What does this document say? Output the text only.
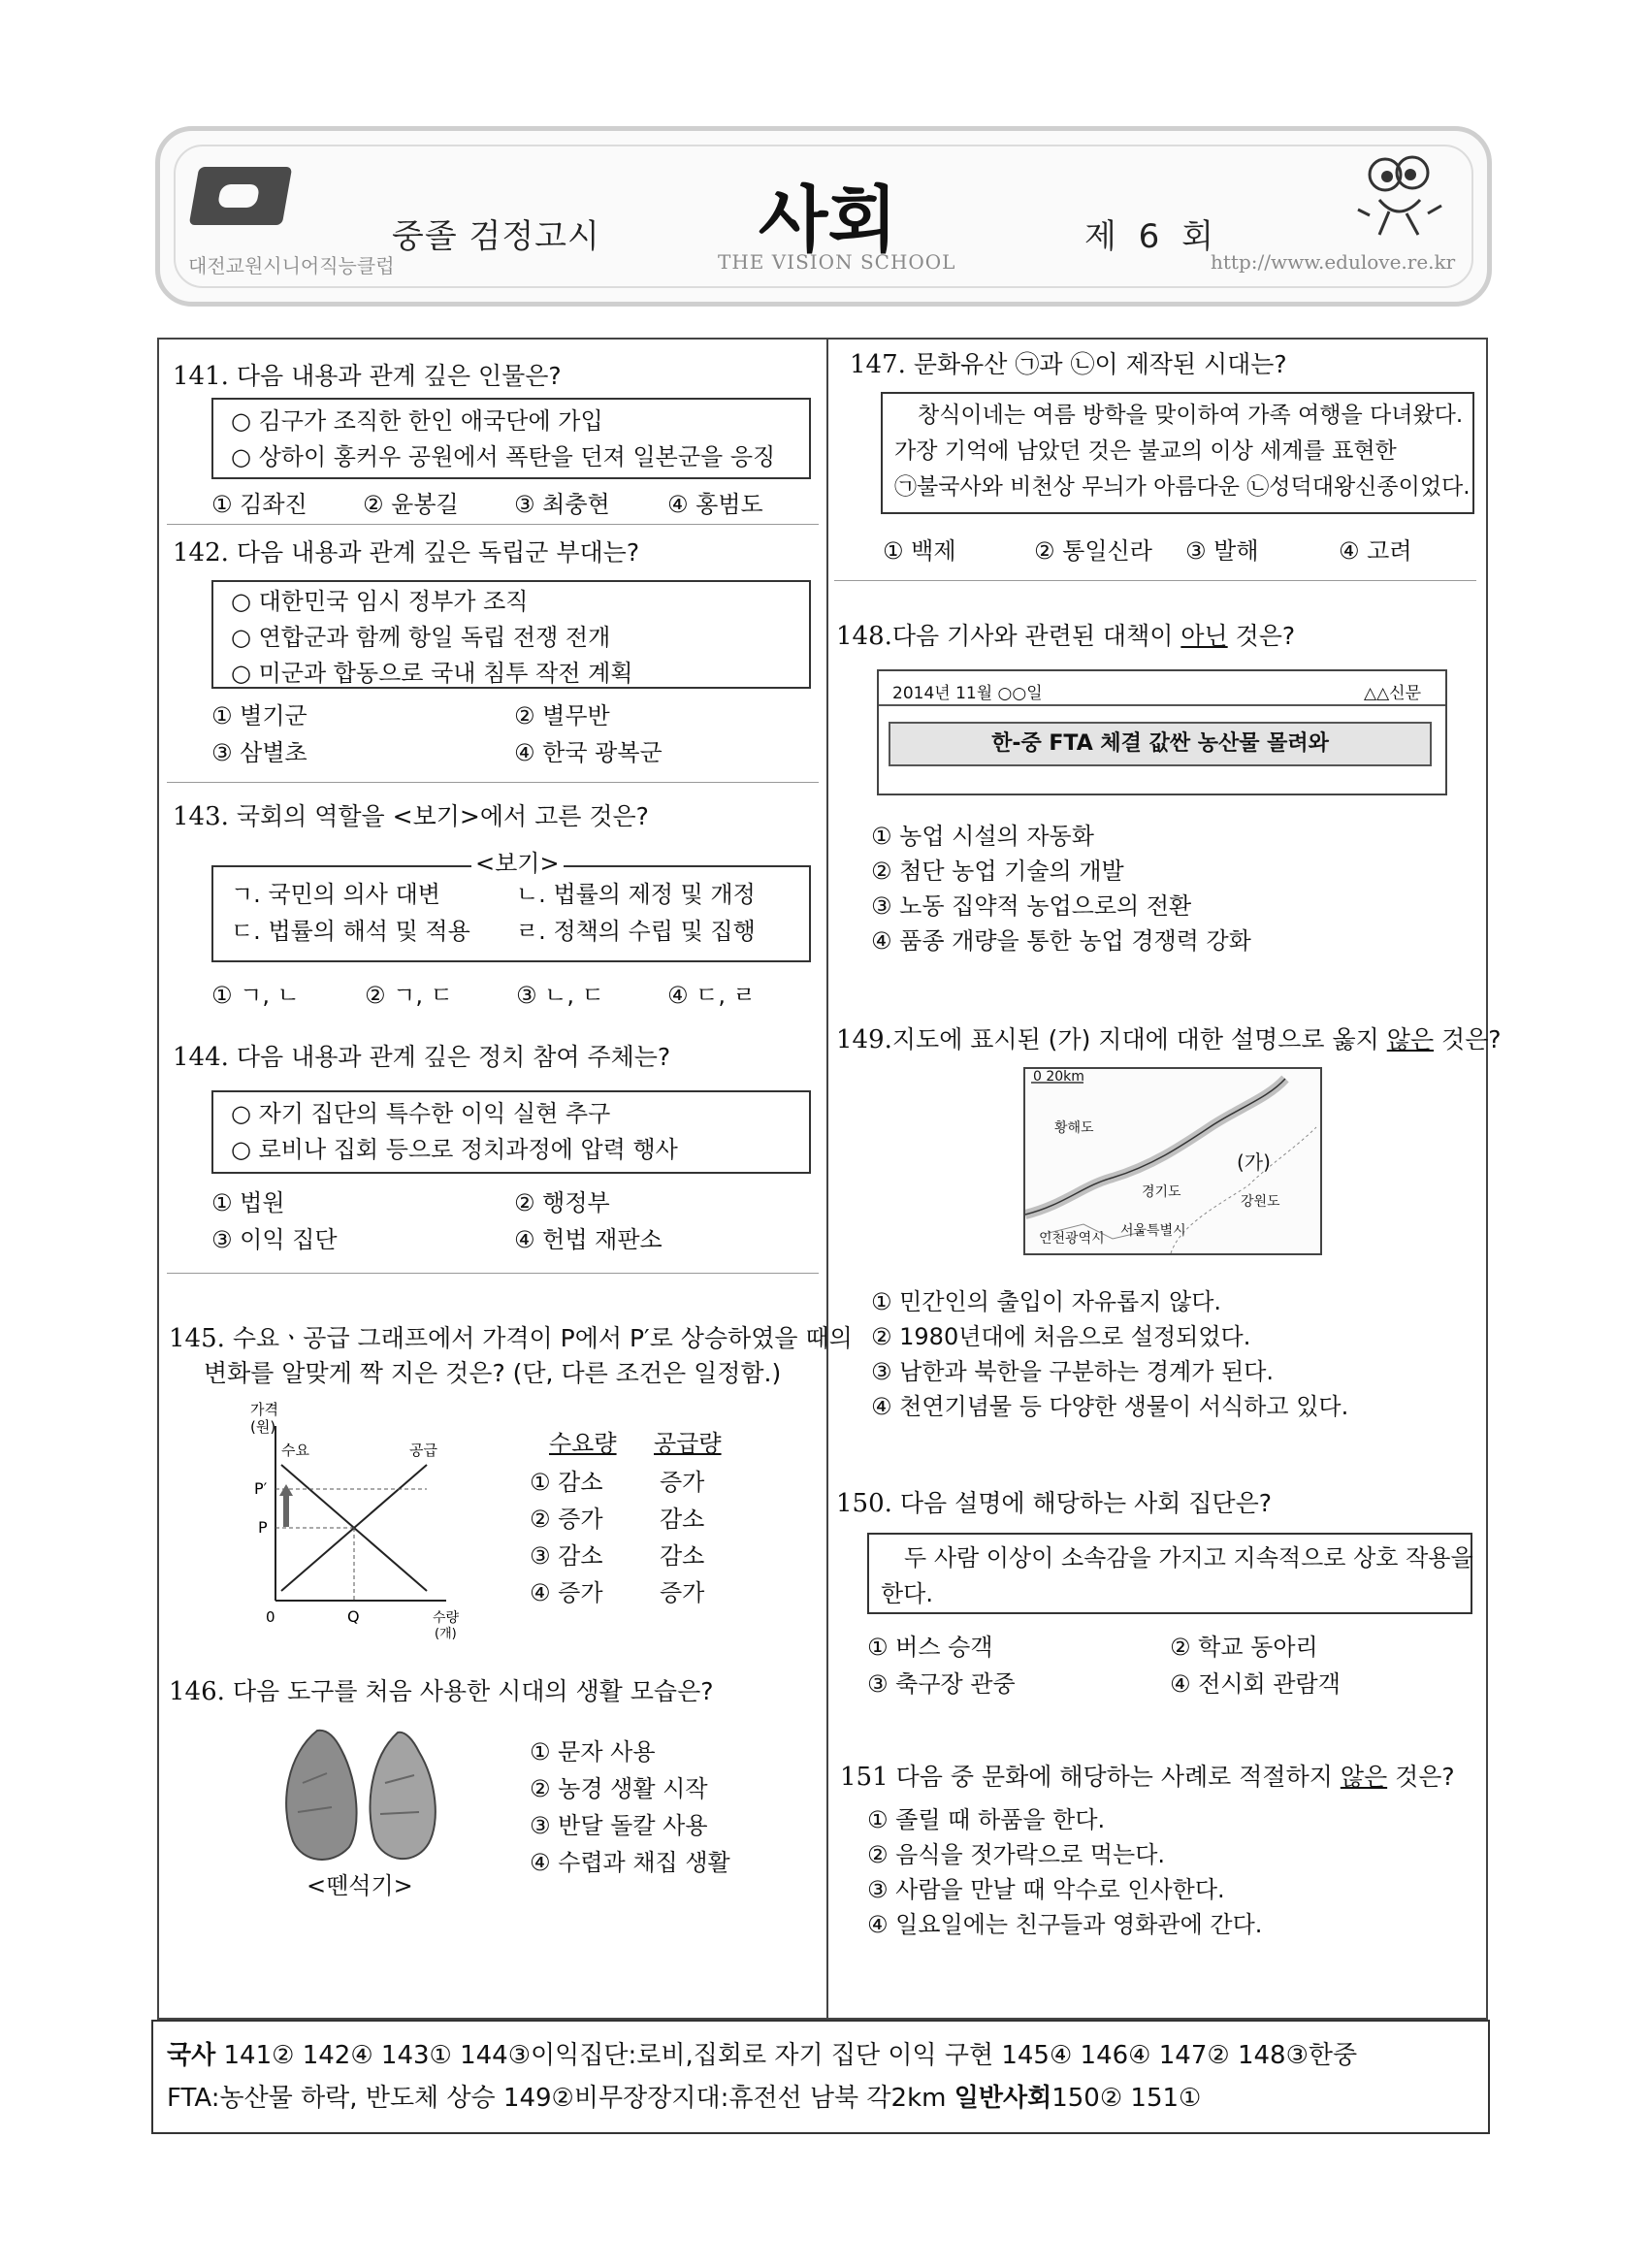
대전교원시니어직능클럽
중졸 검정고시 사회
THE VISION SCHOOL
제 6 회
http://www.edulove.re.kr
141. 다음 내용과 관계 깊은 인물은?
○ 김구가 조직한 한인 애국단에 가입
○ 상하이 홍커우 공원에서 폭탄을 던져 일본군을 응징
① 김좌진 ② 윤봉길 ③ 최충현 ④ 홍범도
142. 다음 내용과 관계 깊은 독립군 부대는?
○ 대한민국 임시 정부가 조직
○ 연합군과 함께 항일 독립 전쟁 전개
○ 미군과 합동으로 국내 침투 작전 계획
① 별기군	② 별무반
③ 삼별초	④ 한국 광복군
143. 국회의 역할을 <보기>에서 고른 것은?
<보기>
ㄱ. 국민의 의사 대변	ㄴ. 법률의 제정 및 개정
ㄷ. 법률의 해석 및 적용 ㄹ. 정책의 수립 및 집행
① ㄱ, ㄴ	② ㄱ, ㄷ	③ ㄴ, ㄷ	④ ㄷ, ㄹ
144. 다음 내용과 관계 깊은 정치 참여 주체는?
○ 자기 집단의 특수한 이익 실현 추구
○ 로비나 집회 등으로 정치과정에 압력 행사
① 법원	② 행정부
③ 이익 집단	④ 헌법 재판소
145. 수요ㆍ공급 그래프에서 가격이 P에서 P′로 상승하였을 때의
변화를 알맞게 짝 지은 것은? (단, 다른 조건은 일정함.)
가격
(원)
수요	공급
P′
P
0	Q	수량
(개)
수요량 공급량
① 감소 증가
② 증가 감소
③ 감소 감소
④ 증가 증가
146. 다음 도구를 처음 사용한 시대의 생활 모습은?
<뗀석기>
① 문자 사용
② 농경 생활 시작
③ 반달 돌칼 사용
④ 수렵과 채집 생활
147. 문화유산 ㉠과 ㉡이 제작된 시대는?
창식이네는 여름 방학을 맞이하여 가족 여행을 다녀왔다.
가장 기억에 남았던 것은 불교의 이상 세계를 표현한
㉠불국사와 비천상 무늬가 아름다운 ㉡성덕대왕신종이었다.
① 백제	② 통일신라 ③ 발해	④ 고려
148.다음 기사와 관련된 대책이 아닌 것은?
2014년 11월 ○○일	△△신문
한-중 FTA 체결 값싼 농산물 몰려와
① 농업 시설의 자동화
② 첨단 농업 기술의 개발
③ 노동 집약적 농업으로의 전환
④ 품종 개량을 통한 농업 경쟁력 강화
149.지도에 표시된 (가) 지대에 대한 설명으로 옳지 않은 것은?
0 20km
황해도
(가)
경기도
강원도
인천광역시 서울특별시
① 민간인의 출입이 자유롭지 않다.
② 1980년대에 처음으로 설정되었다.
③ 남한과 북한을 구분하는 경계가 된다.
④ 천연기념물 등 다양한 생물이 서식하고 있다.
150. 다음 설명에 해당하는 사회 집단은?
두 사람 이상이 소속감을 가지고 지속적으로 상호 작용을
한다.
① 버스 승객	② 학교 동아리
③ 축구장 관중	④ 전시회 관람객
151 다음 중 문화에 해당하는 사례로 적절하지 않은 것은?
① 졸릴 때 하품을 한다.
② 음식을 젓가락으로 먹는다.
③ 사람을 만날 때 악수로 인사한다.
④ 일요일에는 친구들과 영화관에 간다.
국사 141② 142④ 143① 144③이익집단:로비,집회로 자기 집단 이익 구현 145④ 146④ 147② 148③한중
FTA:농산물 하락, 반도체 상승 149②비무장장지대:휴전선 남북 각2km 일반사회150② 151①
